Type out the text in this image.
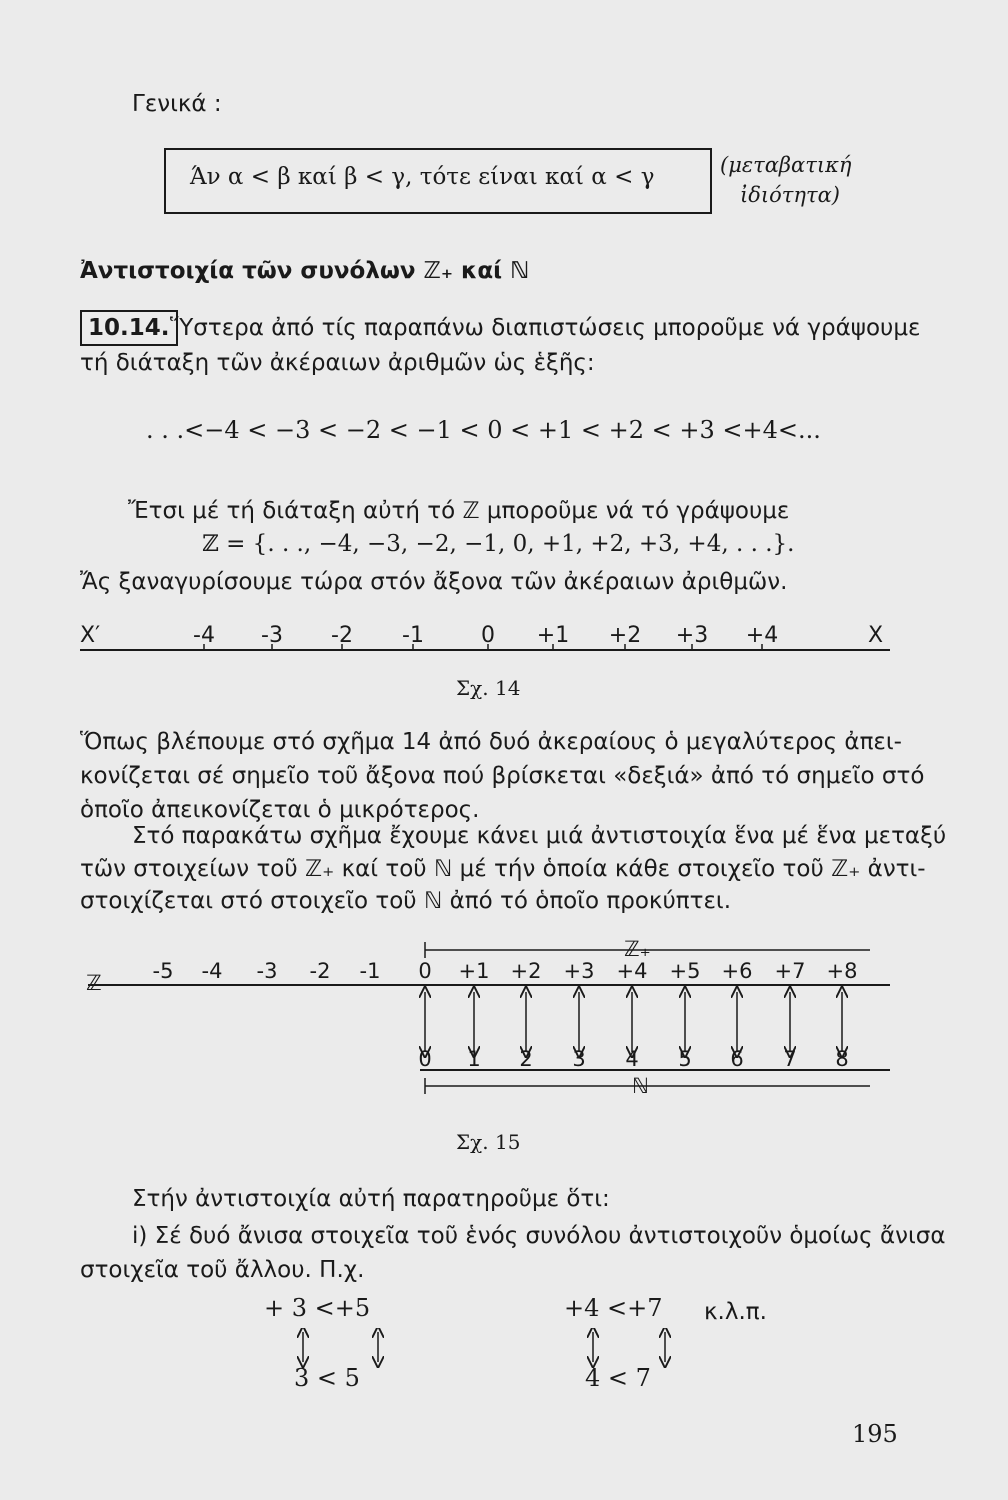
Γενικά :
Άν α < β καί β < γ, τότε είναι καί α < γ	(μεταβατική
ἰδιότητα)
Ἀντιστοιχία τῶν συνόλων ℤ₊ καί ℕ
10.14. Ὕστερα ἀπό τίς παραπάνω διαπιστώσεις μποροῦμε νά γράψουμε
τή διάταξη τῶν ἀκέραιων ἀριθμῶν ὡς ἑξῆς:
. . .<−4 < −3 < −2 < −1 < 0 < +1 < +2 < +3 <+4<...
Ἔτσι μέ τή διάταξη αὐτή τό ℤ μποροῦμε νά τό γράψουμε
ℤ = {. . ., −4, −3, −2, −1, 0, +1, +2, +3, +4, . . .}.
Ἄς ξαναγυρίσουμε τώρα στόν ἄξονα τῶν ἀκέραιων ἀριθμῶν.
X′	X
-4 -3 -2 -1	0 +1 +2 +3 +4
Σχ. 14
Ὅπως βλέπουμε στό σχῆμα 14 ἀπό δυό ἀκεραίους ὁ μεγαλύτερος ἀπει-
κονίζεται σέ σημεῖο τοῦ ἄξονα πού βρίσκεται «δεξιά» ἀπό τό σημεῖο στό
ὁποῖο ἀπεικονίζεται ὁ μικρότερος.
Στό παρακάτω σχῆμα ἔχουμε κάνει μιά ἀντιστοιχία ἕνα μέ ἕνα μεταξύ
τῶν στοιχείων τοῦ ℤ₊ καί τοῦ ℕ μέ τήν ὁποία κάθε στοιχεῖο τοῦ ℤ₊ ἀντι-
στοιχίζεται στό στοιχεῖο τοῦ ℕ ἀπό τό ὁποῖο προκύπτει.
ℤ₊
ℤ -5 -4 -3 -2 -1 0 +1 +2 +3 +4 +5 +6 +7 +8
0 1 2 3 4 5 6 7 8
ℕ
Σχ. 15
Στήν ἀντιστοιχία αὐτή παρατηροῦμε ὅτι:
i) Σέ δυό ἄνισα στοιχεῖα τοῦ ἑνός συνόλου ἀντιστοιχοῦν ὁμοίως ἄνισα
στοιχεῖα τοῦ ἄλλου. Π.χ.
+ 3 <+5	+4 <+7 κ.λ.π.
3 < 5	4 < 7
195
